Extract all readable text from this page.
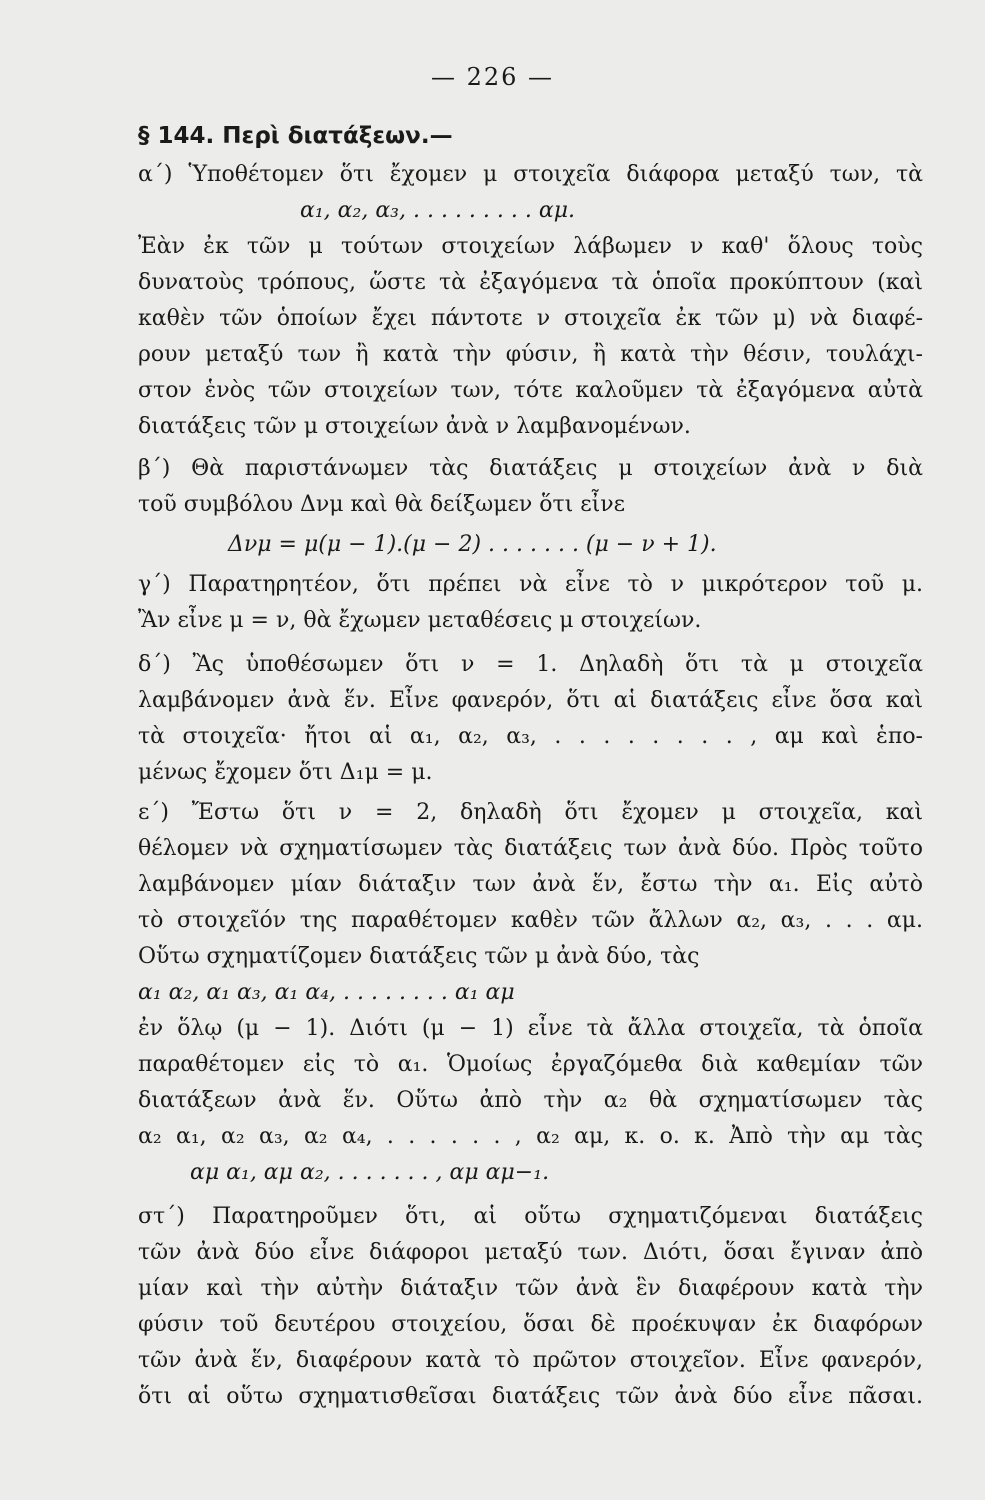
— 226 —
§ 144. Περὶ διατάξεων.—
α΄) Ὑποθέτομεν ὅτι ἔχομεν μ στοιχεῖα διάφορα μεταξύ των, τὰ
α₁, α₂, α₃, . . . . . . . . . αμ.
Ἐὰν ἐκ τῶν μ τούτων στοιχείων λάβωμεν ν καθ' ὅλους τοὺς
δυνατοὺς τρόπους, ὥστε τὰ ἐξαγόμενα τὰ ὁποῖα προκύπτουν (καὶ
καθὲν τῶν ὁποίων ἔχει πάντοτε ν στοιχεῖα ἐκ τῶν μ) νὰ διαφέ-
ρουν μεταξύ των ἢ κατὰ τὴν φύσιν, ἢ κατὰ τὴν θέσιν, τουλάχι-
στον ἑνὸς τῶν στοιχείων των, τότε καλοῦμεν τὰ ἐξαγόμενα αὐτὰ
διατάξεις τῶν μ στοιχείων ἀνὰ ν λαμβανομένων.
β΄) Θὰ παριστάνωμεν τὰς διατάξεις μ στοιχείων ἀνὰ ν διὰ
τοῦ συμβόλου Δνμ καὶ θὰ δείξωμεν ὅτι εἶνε
Δνμ = μ(μ − 1).(μ − 2) . . . . . . . (μ − ν + 1).
γ΄) Παρατηρητέον, ὅτι πρέπει νὰ εἶνε τὸ ν μικρότερον τοῦ μ.
Ἂν εἶνε μ = ν, θὰ ἔχωμεν μεταθέσεις μ στοιχείων.
δ΄) Ἂς ὑποθέσωμεν ὅτι ν = 1. Δηλαδὴ ὅτι τὰ μ στοιχεῖα
λαμβάνομεν ἀνὰ ἕν. Εἶνε φανερόν, ὅτι αἱ διατάξεις εἶνε ὅσα καὶ
τὰ στοιχεῖα· ἤτοι αἱ α₁, α₂, α₃, . . . . . . . . , αμ καὶ ἑπο-
μένως ἔχομεν ὅτι Δ₁μ = μ.
ε΄) Ἔστω ὅτι ν = 2, δηλαδὴ ὅτι ἔχομεν μ στοιχεῖα, καὶ
θέλομεν νὰ σχηματίσωμεν τὰς διατάξεις των ἀνὰ δύο. Πρὸς τοῦτο
λαμβάνομεν μίαν διάταξιν των ἀνὰ ἕν, ἔστω τὴν α₁. Εἰς αὐτὸ
τὸ στοιχεῖόν της παραθέτομεν καθὲν τῶν ἄλλων α₂, α₃, . . . αμ.
Οὕτω σχηματίζομεν διατάξεις τῶν μ ἀνὰ δύο, τὰς
α₁ α₂, α₁ α₃, α₁ α₄, . . . . . . . . α₁ αμ
ἐν ὅλῳ (μ − 1). Διότι (μ − 1) εἶνε τὰ ἄλλα στοιχεῖα, τὰ ὁποῖα
παραθέτομεν εἰς τὸ α₁. Ὁμοίως ἐργαζόμεθα διὰ καθεμίαν τῶν
διατάξεων ἀνὰ ἕν. Οὕτω ἀπὸ τὴν α₂ θὰ σχηματίσωμεν τὰς
α₂ α₁, α₂ α₃, α₂ α₄, . . . . . . , α₂ αμ, κ. ο. κ. Ἀπὸ τὴν αμ τὰς
αμ α₁, αμ α₂, . . . . . . . , αμ αμ−₁.
στ΄) Παρατηροῦμεν ὅτι, αἱ οὕτω σχηματιζόμεναι διατάξεις
τῶν ἀνὰ δύο εἶνε διάφοροι μεταξύ των. Διότι, ὅσαι ἔγιναν ἀπὸ
μίαν καὶ τὴν αὐτὴν διάταξιν τῶν ἀνὰ ἓν διαφέρουν κατὰ τὴν
φύσιν τοῦ δευτέρου στοιχείου, ὅσαι δὲ προέκυψαν ἐκ διαφόρων
τῶν ἀνὰ ἕν, διαφέρουν κατὰ τὸ πρῶτον στοιχεῖον. Εἶνε φανερόν,
ὅτι αἱ οὕτω σχηματισθεῖσαι διατάξεις τῶν ἀνὰ δύο εἶνε πᾶσαι.
